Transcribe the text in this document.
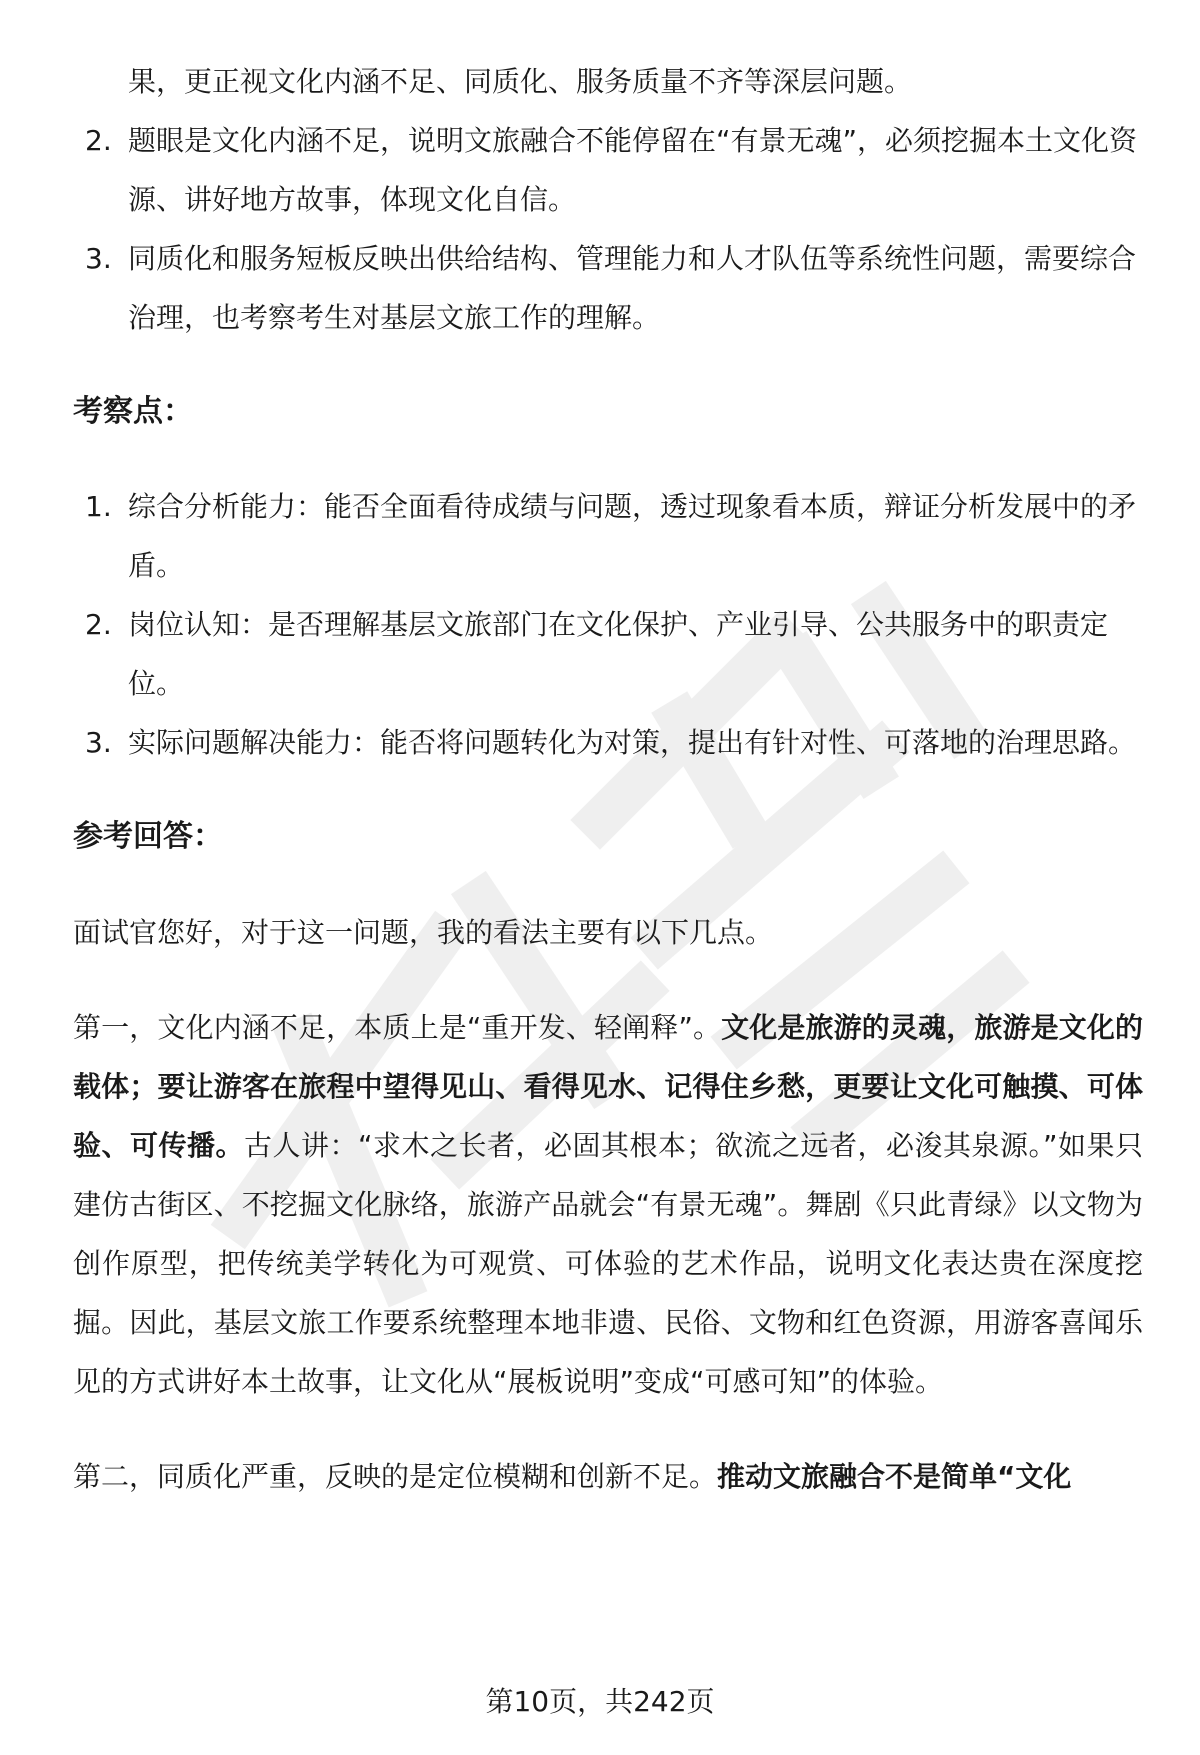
果，更正视文化内涵不足、同质化、服务质量不齐等深层问题。
2. 题眼是文化内涵不足，说明文旅融合不能停留在“有景无魂”，必须挖掘本土文化资源、讲好地方故事，体现文化自信。
3. 同质化和服务短板反映出供给结构、管理能力和人才队伍等系统性问题，需要综合治理，也考察考生对基层文旅工作的理解。
考察点：
1. 综合分析能力：能否全面看待成绩与问题，透过现象看本质，辩证分析发展中的矛盾。
2. 岗位认知：是否理解基层文旅部门在文化保护、产业引导、公共服务中的职责定位。
3. 实际问题解决能力：能否将问题转化为对策，提出有针对性、可落地的治理思路。
参考回答：

面试官您好，对于这一问题，我的看法主要有以下几点。

第一，文化内涵不足，本质上是“重开发、轻阐释”。文化是旅游的灵魂，旅游是文化的载体；要让游客在旅程中望得见山、看得见水、记得住乡愁，更要让文化可触摸、可体验、可传播。古人讲：“求木之长者，必固其根本；欲流之远者，必浚其泉源。”如果只建仿古街区、不挖掘文化脉络，旅游产品就会“有景无魂”。舞剧《只此青绿》以文物为创作原型，把传统美学转化为可观赏、可体验的艺术作品，说明文化表达贵在深度挖掘。因此，基层文旅工作要系统整理本地非遗、民俗、文物和红色资源，用游客喜闻乐见的方式讲好本土故事，让文化从“展板说明”变成“可感可知”的体验。

第二，同质化严重，反映的是定位模糊和创新不足。推动文旅融合不是简单“文化

第10页，共242页
